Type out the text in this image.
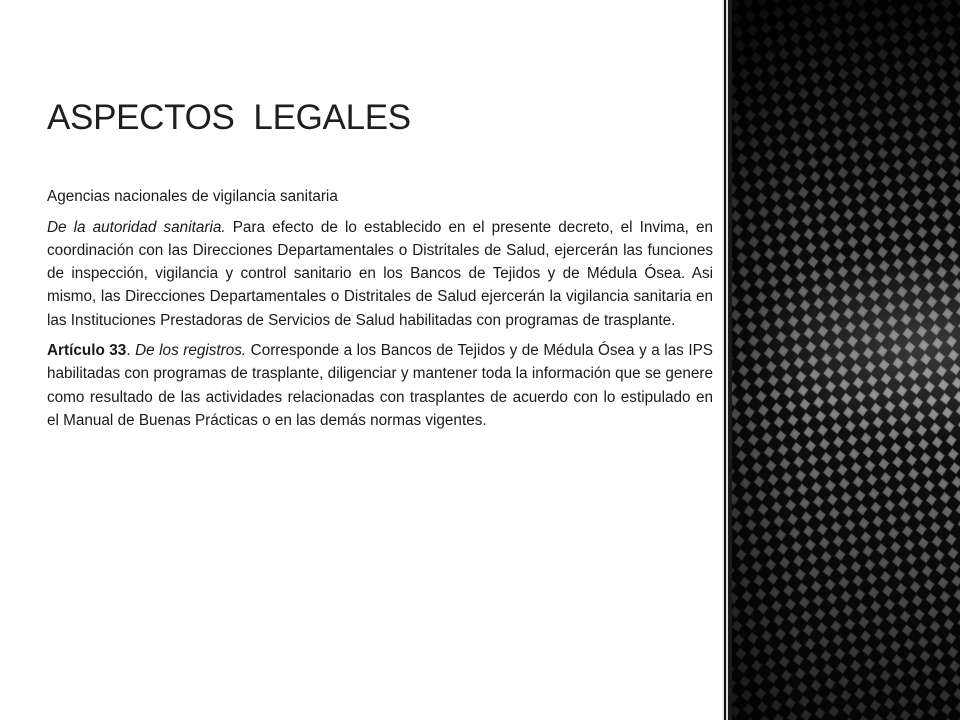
ASPECTOS  LEGALES

Agencias nacionales de vigilancia sanitaria

De la autoridad sanitaria. Para efecto de lo establecido en el presente decreto, el Invima, en coordinación con las Direcciones Departamentales o Distritales de Salud, ejercerán las funciones de inspección, vigilancia y control sanitario en los Bancos de Tejidos y de Médula Ósea. Asi mismo, las Direcciones Departamentales o Distritales de Salud ejercerán la vigilancia sanitaria en las Instituciones Prestadoras de Servicios de Salud habilitadas con programas de trasplante.

Artículo 33. De los registros. Corresponde a los Bancos de Tejidos y de Médula Ósea y a las IPS habilitadas con programas de trasplante, diligenciar y mantener toda la información que se genere como resultado de las actividades relacionadas con trasplantes de acuerdo con lo estipulado en el Manual de Buenas Prácticas o en las demás normas vigentes.
